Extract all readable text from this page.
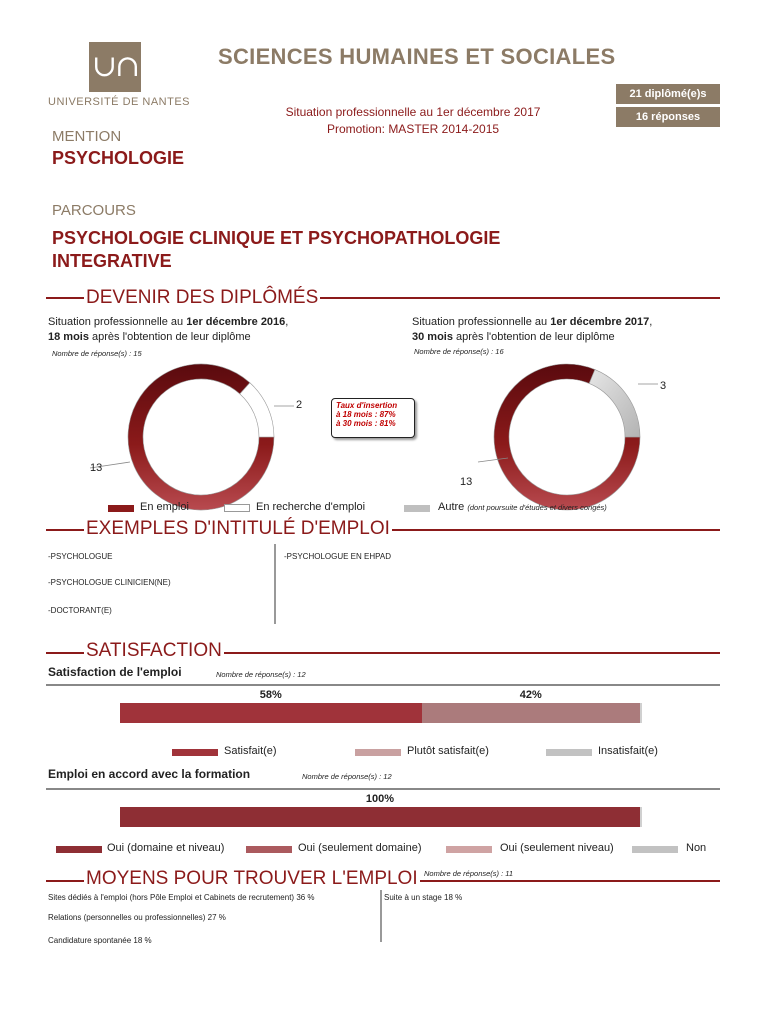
∪∩
UNIVERSITÉ DE NANTES
SCIENCES HUMAINES ET SOCIALES
Situation professionnelle au 1er décembre 2017
Promotion: MASTER 2014-2015
21 diplômé(e)s
16 réponses
MENTION
PSYCHOLOGIE
PARCOURS
PSYCHOLOGIE CLINIQUE ET PSYCHOPATHOLOGIE
INTEGRATIVE
DEVENIR DES DIPLÔMÉS
Situation professionnelle au 1er décembre 2016,
18 mois après l'obtention de leur diplôme
Nombre de réponse(s) : 15
Situation professionnelle au 1er décembre 2017,
30 mois après l'obtention de leur diplôme
Nombre de réponse(s) : 16
2
13
3
13
Taux d'insertion
à 18 mois : 87%
à 30 mois : 81%
En emploi	En recherche d'emploi	Autre (dont poursuite d'études et divers congés)
EXEMPLES D'INTITULÉ D'EMPLOI
-PSYCHOLOGUE
-PSYCHOLOGUE CLINICIEN(NE)
-DOCTORANT(E)
-PSYCHOLOGUE EN EHPAD
SATISFACTION
Satisfaction de l'emploi	Nombre de réponse(s) : 12
58%	42%
Satisfait(e)	Plutôt satisfait(e)	Insatisfait(e)
Emploi en accord avec la formation	Nombre de réponse(s) : 12
100%
Oui (domaine et niveau)	Oui (seulement domaine)	Oui (seulement niveau)	Non
MOYENS POUR TROUVER L'EMPLOI Nombre de réponse(s) : 11
Sites dédiés à l'emploi (hors Pôle Emploi et Cabinets de recrutement) 36 %
Relations (personnelles ou professionnelles) 27 %
Candidature spontanée 18 %
Suite à un stage 18 %
